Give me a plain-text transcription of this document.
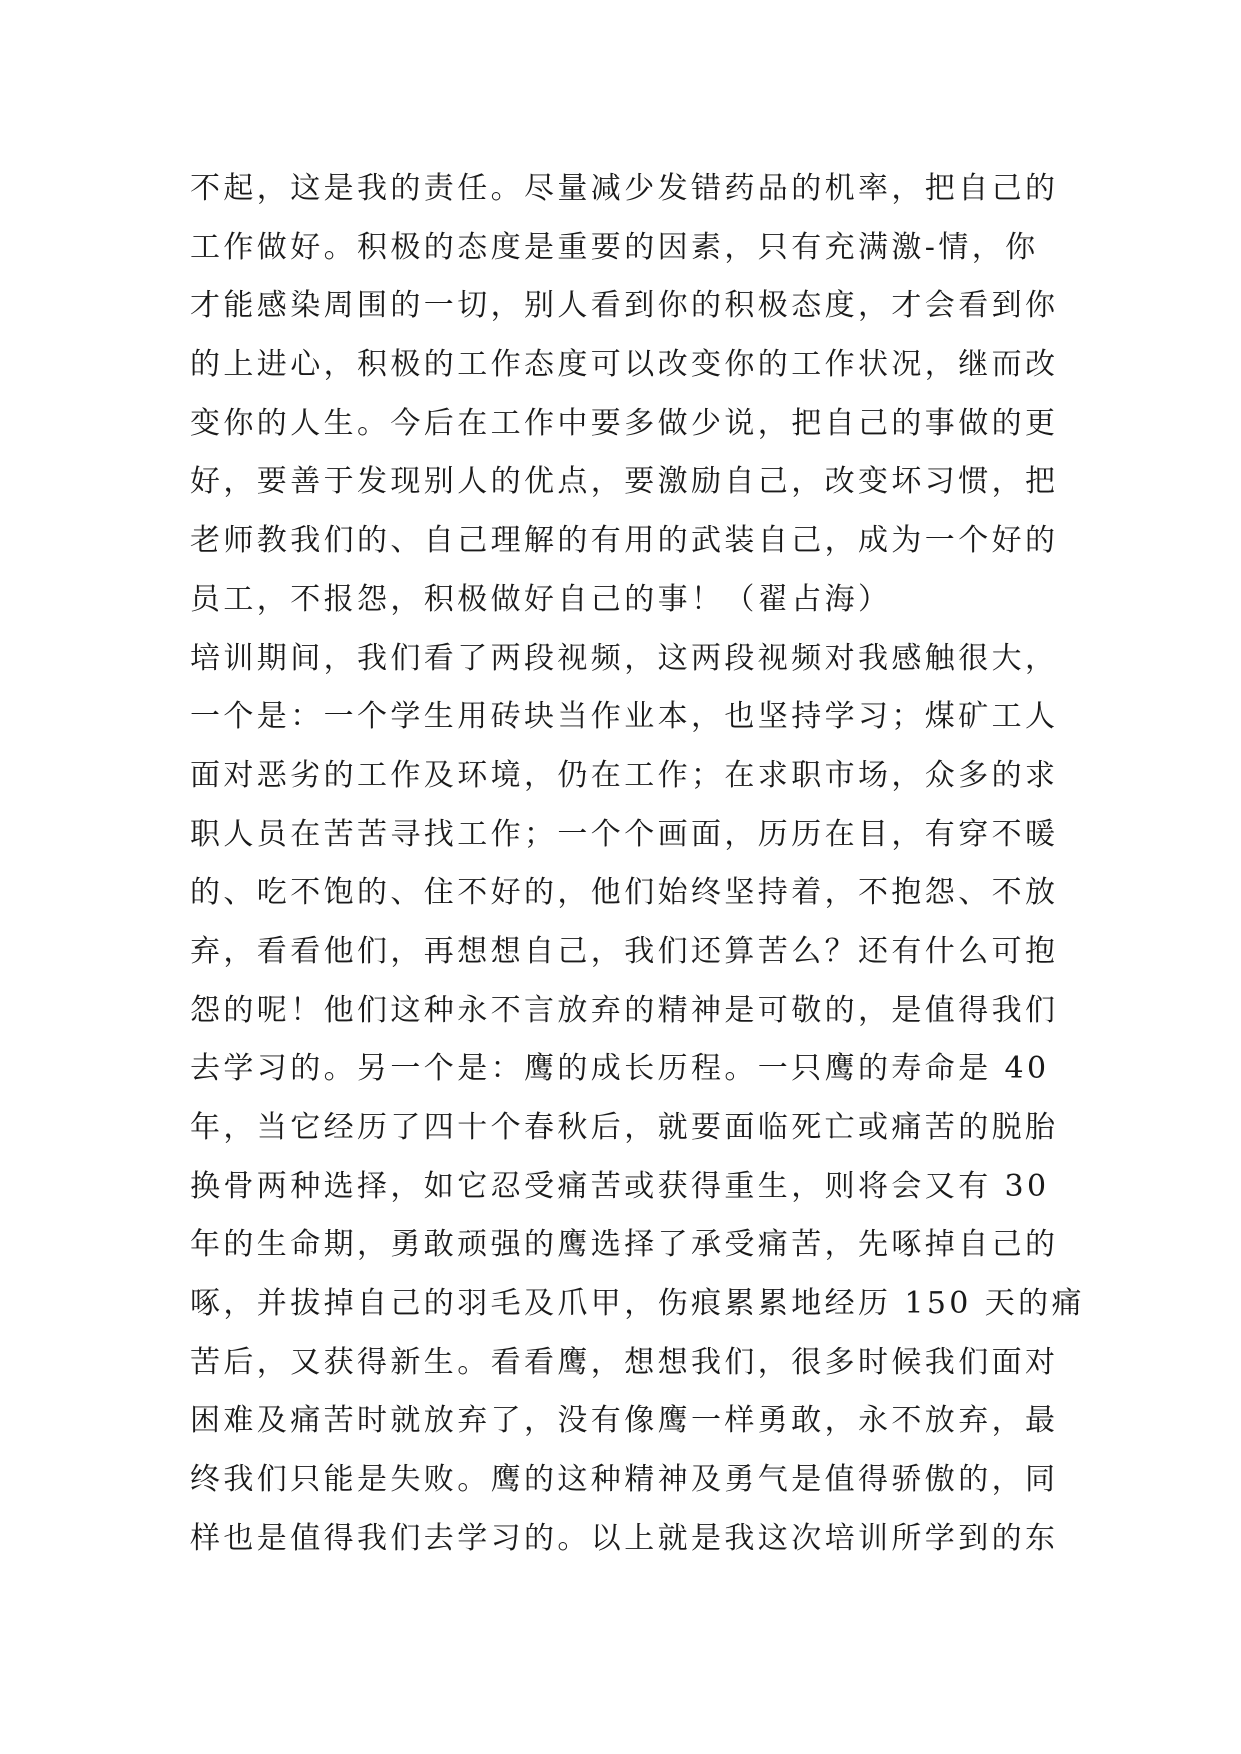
不起，这是我的责任。尽量减少发错药品的机率，把自己的
工作做好。积极的态度是重要的因素，只有充满激-情，你
才能感染周围的一切，别人看到你的积极态度，才会看到你
的上进心，积极的工作态度可以改变你的工作状况，继而改
变你的人生。今后在工作中要多做少说，把自己的事做的更
好，要善于发现别人的优点，要激励自己，改变坏习惯，把
老师教我们的、自己理解的有用的武装自己，成为一个好的
员工，不报怨，积极做好自己的事！（翟占海）
培训期间，我们看了两段视频，这两段视频对我感触很大，
一个是：一个学生用砖块当作业本，也坚持学习；煤矿工人
面对恶劣的工作及环境，仍在工作；在求职市场，众多的求
职人员在苦苦寻找工作；一个个画面，历历在目，有穿不暖
的、吃不饱的、住不好的，他们始终坚持着，不抱怨、不放
弃，看看他们，再想想自己，我们还算苦么？还有什么可抱
怨的呢！他们这种永不言放弃的精神是可敬的，是值得我们
去学习的。另一个是：鹰的成长历程。一只鹰的寿命是 40
年，当它经历了四十个春秋后，就要面临死亡或痛苦的脱胎
换骨两种选择，如它忍受痛苦或获得重生，则将会又有 30
年的生命期，勇敢顽强的鹰选择了承受痛苦，先啄掉自己的
啄，并拔掉自己的羽毛及爪甲，伤痕累累地经历 150 天的痛
苦后，又获得新生。看看鹰，想想我们，很多时候我们面对
困难及痛苦时就放弃了，没有像鹰一样勇敢，永不放弃，最
终我们只能是失败。鹰的这种精神及勇气是值得骄傲的，同
样也是值得我们去学习的。以上就是我这次培训所学到的东
